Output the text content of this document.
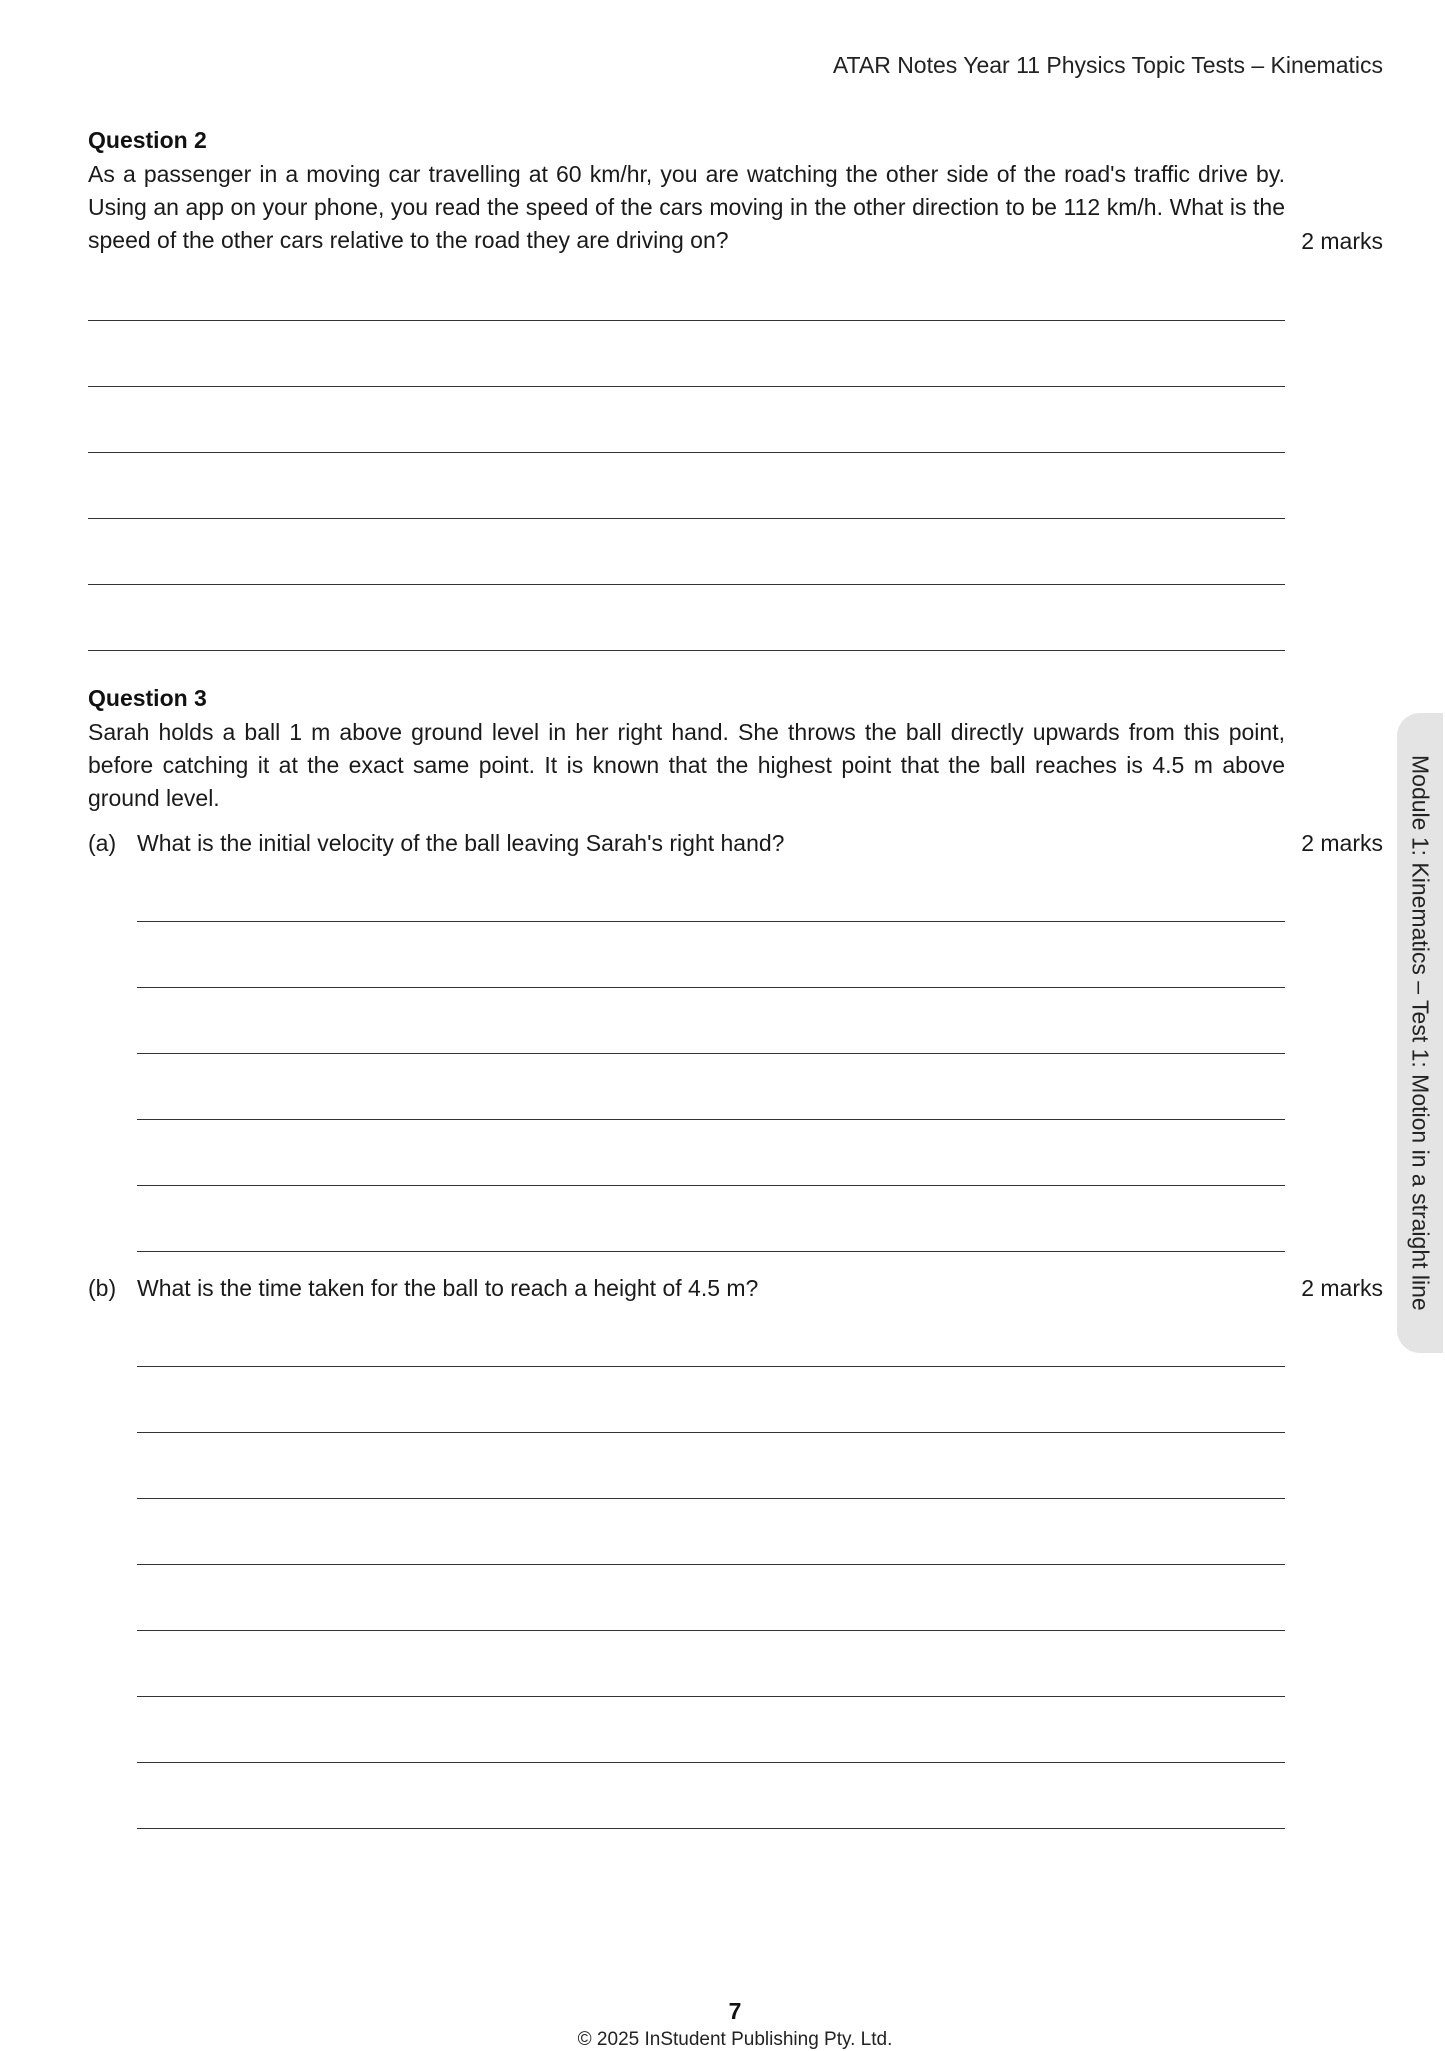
ATAR Notes Year 11 Physics Topic Tests – Kinematics
Question 2
As a passenger in a moving car travelling at 60 km/hr, you are watching the other side of the road's traffic drive by. Using an app on your phone, you read the speed of the cars moving in the other direction to be 112 km/h. What is the speed of the other cars relative to the road they are driving on?	2 marks
Question 3
Sarah holds a ball 1 m above ground level in her right hand. She throws the ball directly upwards from this point, before catching it at the exact same point. It is known that the highest point that the ball reaches is 4.5 m above ground level.
(a) What is the initial velocity of the ball leaving Sarah's right hand?	2 marks
(b) What is the time taken for the ball to reach a height of 4.5 m?	2 marks	Module 1: Kinematics – Test 1: Motion in a straight line
7
© 2025 InStudent Publishing Pty. Ltd.
